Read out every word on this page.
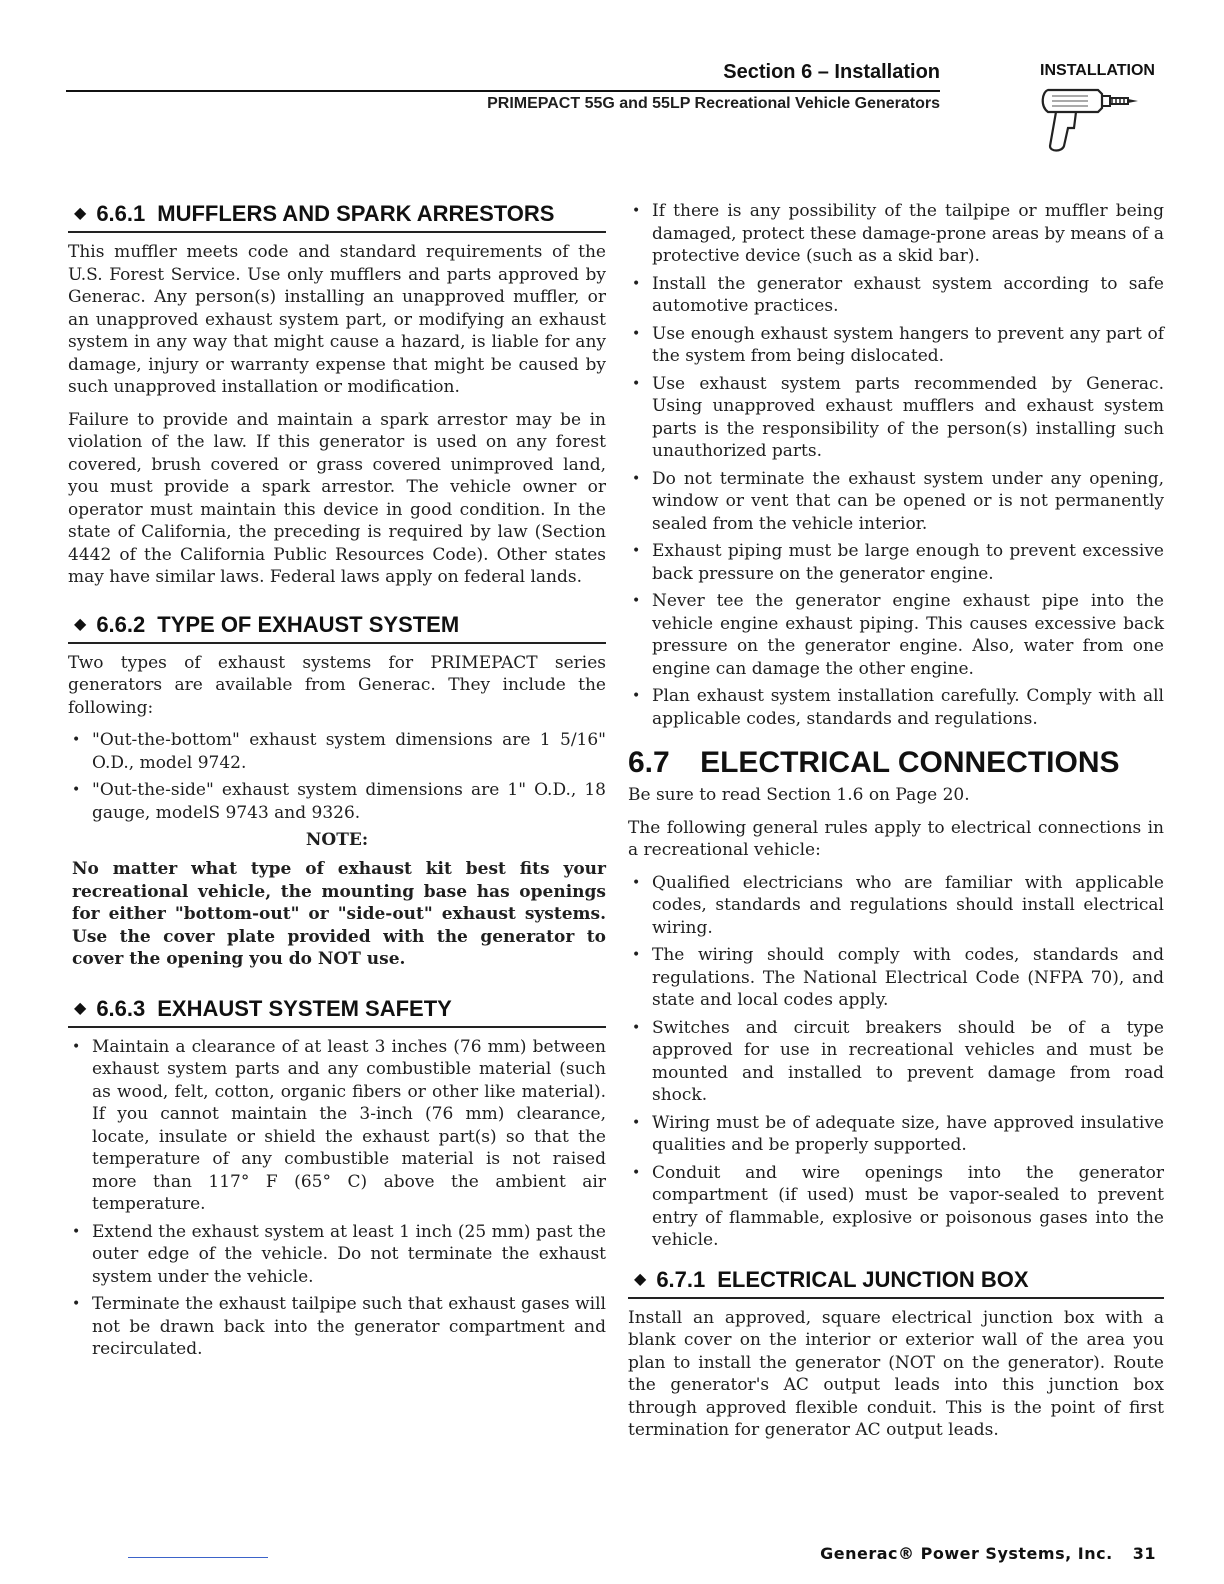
Section 6 – Installation
PRIMEPACT 55G and 55LP Recreational Vehicle Generators
INSTALLATION
◆ 6.6.1 MUFFLERS AND SPARK ARRESTORS

This muffler meets code and standard requirements of the U.S. Forest Service. Use only mufflers and parts approved by Generac. Any person(s) installing an unapproved muffler, or an unapproved exhaust system part, or modifying an exhaust system in any way that might cause a hazard, is liable for any damage, injury or warranty expense that might be caused by such unapproved installation or modification.

Failure to provide and maintain a spark arrestor may be in violation of the law. If this generator is used on any forest covered, brush covered or grass covered unimproved land, you must provide a spark arrestor. The vehicle owner or operator must maintain this device in good condition. In the state of California, the preceding is required by law (Section 4442 of the California Public Resources Code). Other states may have similar laws. Federal laws apply on federal lands.

◆ 6.6.2 TYPE OF EXHAUST SYSTEM

Two types of exhaust systems for PRIMEPACT series generators are available from Generac. They include the following:

• "Out-the-bottom" exhaust system dimensions are 1 5/16" O.D., model 9742.
• "Out-the-side" exhaust system dimensions are 1" O.D., 18 gauge, modelS 9743 and 9326.
NOTE:
No matter what type of exhaust kit best fits your recreational vehicle, the mounting base has openings for either "bottom-out" or "side-out" exhaust systems. Use the cover plate provided with the generator to cover the opening you do NOT use.
◆ 6.6.3 EXHAUST SYSTEM SAFETY
• Maintain a clearance of at least 3 inches (76 mm) between exhaust system parts and any combustible material (such as wood, felt, cotton, organic fibers or other like material). If you cannot maintain the 3-inch (76 mm) clearance, locate, insulate or shield the exhaust part(s) so that the temperature of any combustible material is not raised more than 117° F (65° C) above the ambient air temperature.
• Extend the exhaust system at least 1 inch (25 mm) past the outer edge of the vehicle. Do not terminate the exhaust system under the vehicle.
• Terminate the exhaust tailpipe such that exhaust gases will not be drawn back into the generator compartment and recirculated.
• If there is any possibility of the tailpipe or muffler being damaged, protect these damage-prone areas by means of a protective device (such as a skid bar).
• Install the generator exhaust system according to safe automotive practices.
• Use enough exhaust system hangers to prevent any part of the system from being dislocated.
• Use exhaust system parts recommended by Generac. Using unapproved exhaust mufflers and exhaust system parts is the responsibility of the person(s) installing such unauthorized parts.
• Do not terminate the exhaust system under any opening, window or vent that can be opened or is not permanently sealed from the vehicle interior.
• Exhaust piping must be large enough to prevent excessive back pressure on the generator engine.
• Never tee the generator engine exhaust pipe into the vehicle engine exhaust piping. This causes excessive back pressure on the generator engine. Also, water from one engine can damage the other engine.
• Plan exhaust system installation carefully. Comply with all applicable codes, standards and regulations.
6.7 ELECTRICAL CONNECTIONS

Be sure to read Section 1.6 on Page 20.

The following general rules apply to electrical connections in a recreational vehicle:

• Qualified electricians who are familiar with applicable codes, standards and regulations should install electrical wiring.
• The wiring should comply with codes, standards and regulations. The National Electrical Code (NFPA 70), and state and local codes apply.
• Switches and circuit breakers should be of a type approved for use in recreational vehicles and must be mounted and installed to prevent damage from road shock.
• Wiring must be of adequate size, have approved insulative qualities and be properly supported.
• Conduit and wire openings into the generator compartment (if used) must be vapor-sealed to prevent entry of flammable, explosive or poisonous gases into the vehicle.
◆ 6.7.1 ELECTRICAL JUNCTION BOX

Install an approved, square electrical junction box with a blank cover on the interior or exterior wall of the area you plan to install the generator (NOT on the generator). Route the generator's AC output leads into this junction box through approved flexible conduit. This is the point of first termination for generator AC output leads.

Generac® Power Systems, Inc. 31
